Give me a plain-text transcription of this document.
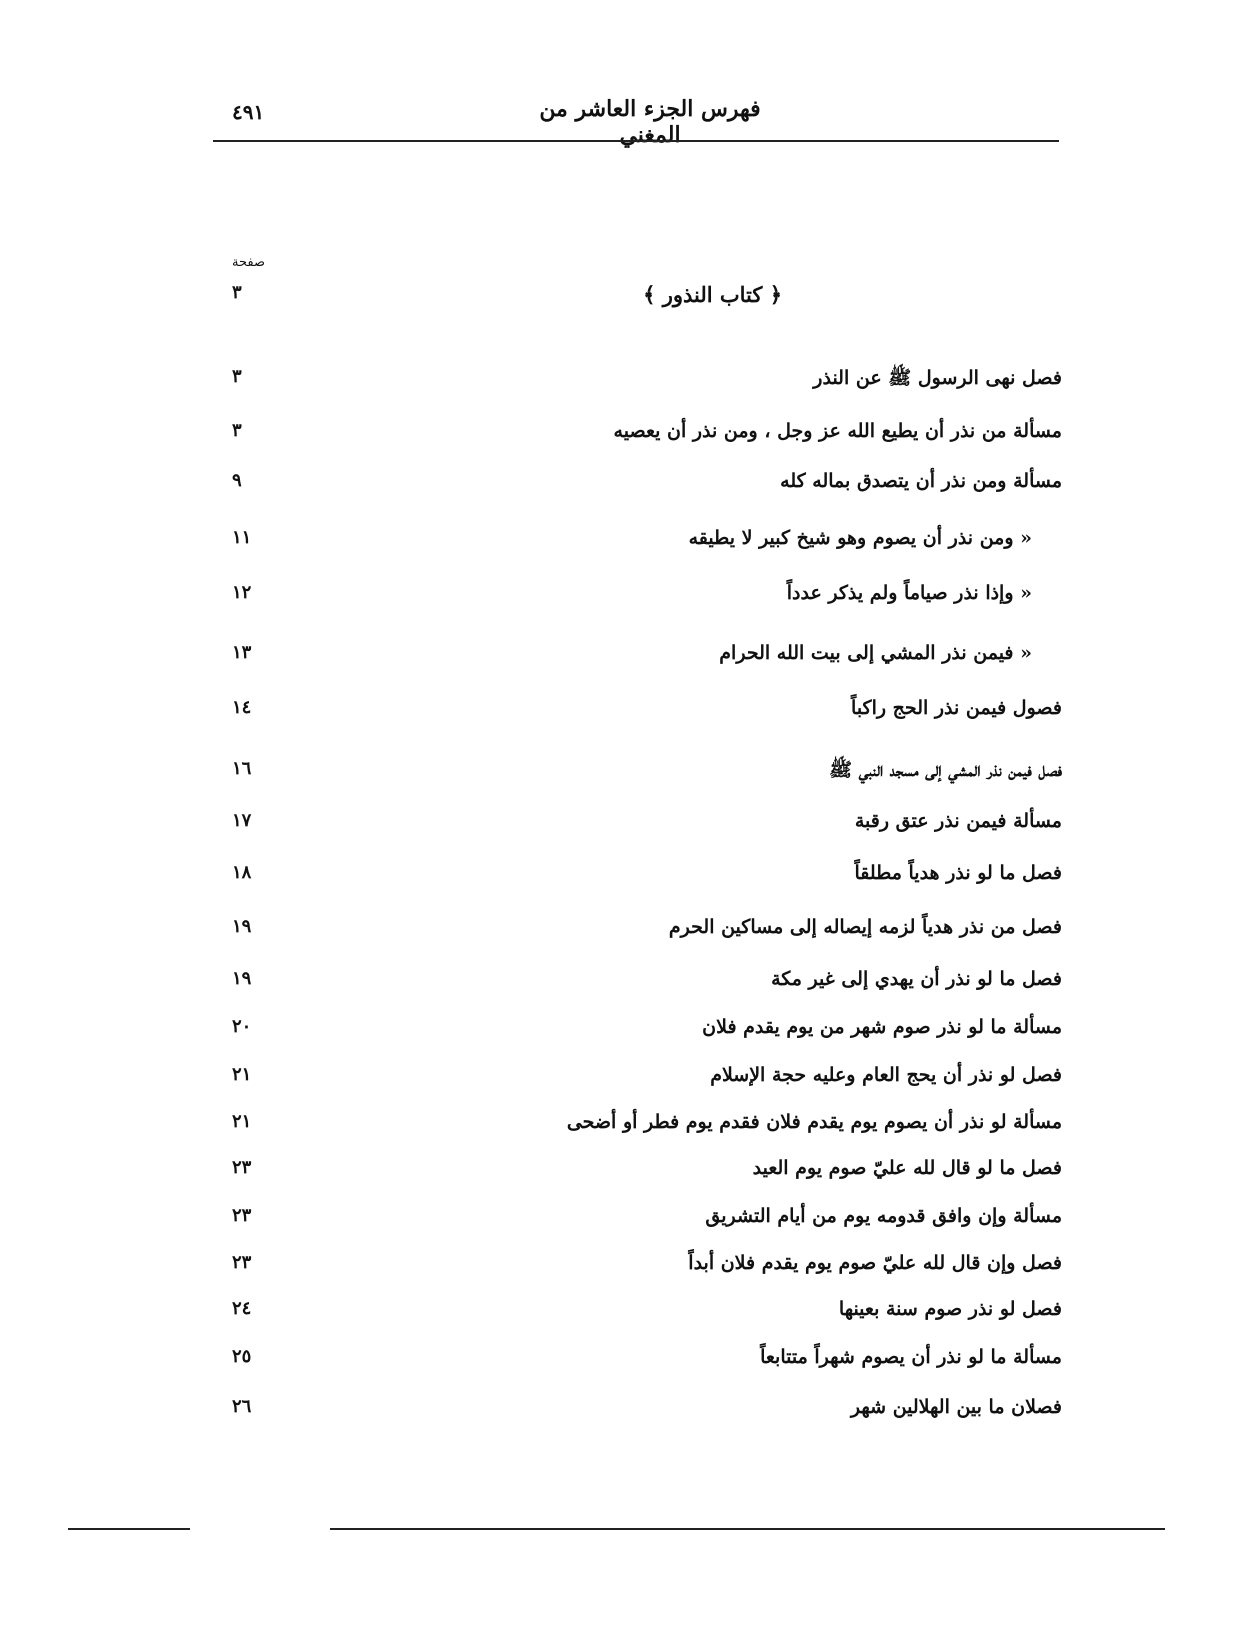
فهرس الجزء العاشر من المغني
٤٩١
صفحة
﴿ كتاب النذور ﴾
٣
فصل نهى الرسول ﷺ عن النذر
٣
مسألة من نذر أن يطيع الله عز وجل ، ومن نذر أن يعصيه
٣
مسألة ومن نذر أن يتصدق بماله كله
٩
« ومن نذر أن يصوم وهو شيخ كبير لا يطيقه
١١
« وإذا نذر صياماً ولم يذكر عدداً
١٢
« فيمن نذر المشي إلى بيت الله الحرام
١٣
فصول فيمن نذر الحج راكباً
١٤
فصل فيمن نذر المشي إلى مسجد النبي ﷺ
١٦
مسألة فيمن نذر عتق رقبة
١٧
فصل ما لو نذر هدياً مطلقاً
١٨
فصل من نذر هدياً لزمه إيصاله إلى مساكين الحرم
١٩
فصل ما لو نذر أن يهدي إلى غير مكة
١٩
مسألة ما لو نذر صوم شهر من يوم يقدم فلان
٢٠
فصل لو نذر أن يحج العام وعليه حجة الإسلام
٢١
مسألة لو نذر أن يصوم يوم يقدم فلان فقدم يوم فطر أو أضحى
٢١
فصل ما لو قال لله عليّ صوم يوم العيد
٢٣
مسألة وإن وافق قدومه يوم من أيام التشريق
٢٣
فصل وإن قال لله عليّ صوم يوم يقدم فلان أبداً
٢٣
فصل لو نذر صوم سنة بعينها
٢٤
مسألة ما لو نذر أن يصوم شهراً متتابعاً
٢٥
فصلان ما بين الهلالين شهر
٢٦
